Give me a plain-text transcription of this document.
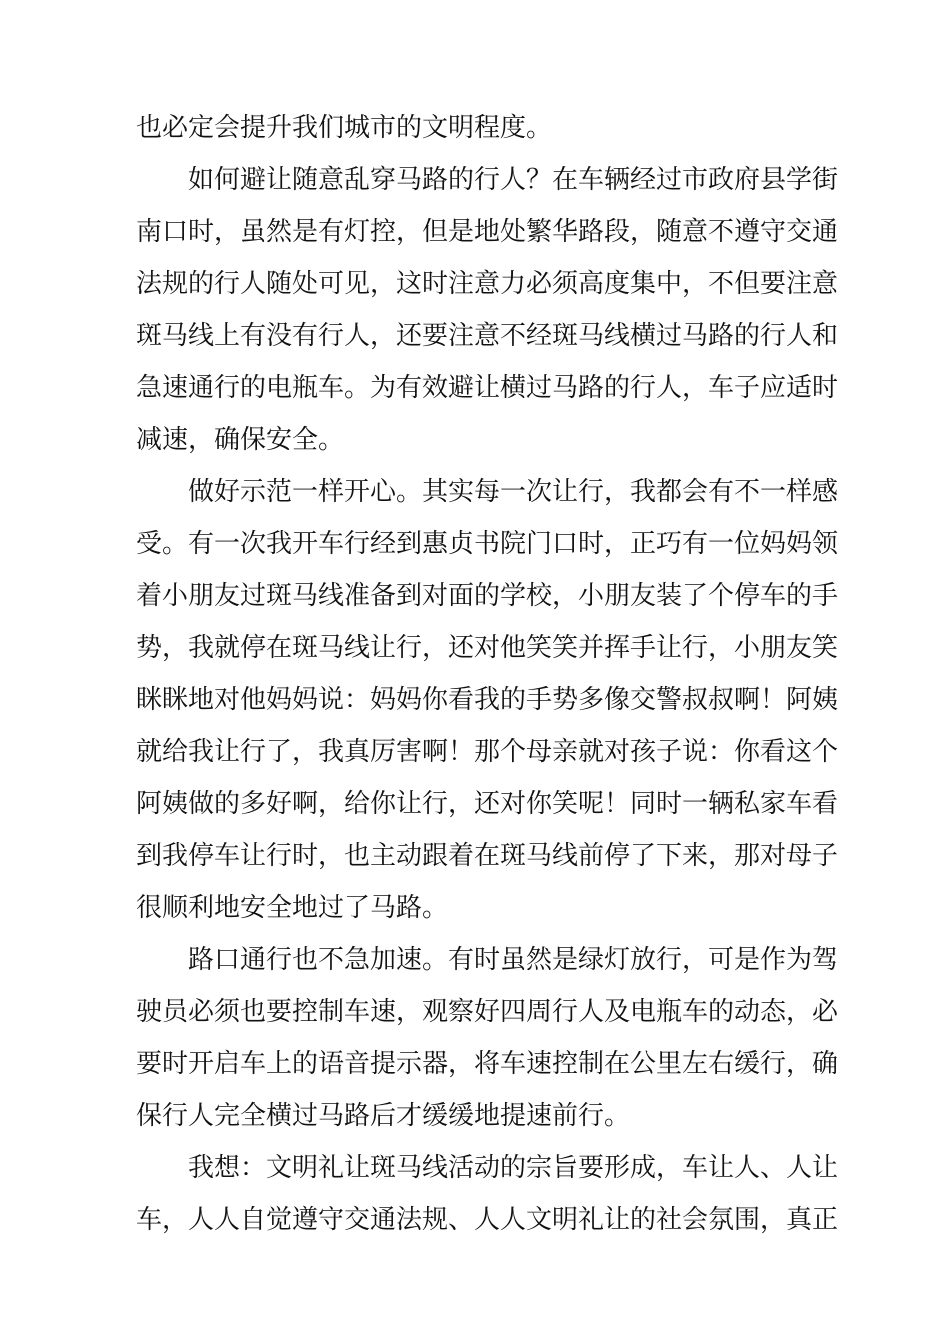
也必定会提升我们城市的文明程度。

如何避让随意乱穿马路的行人？在车辆经过市政府县学街

南口时，虽然是有灯控，但是地处繁华路段，随意不遵守交通

法规的行人随处可见，这时注意力必须高度集中，不但要注意

斑马线上有没有行人，还要注意不经斑马线横过马路的行人和

急速通行的电瓶车。为有效避让横过马路的行人，车子应适时

减速，确保安全。

做好示范一样开心。其实每一次让行，我都会有不一样感

受。有一次我开车行经到惠贞书院门口时，正巧有一位妈妈领

着小朋友过斑马线准备到对面的学校，小朋友装了个停车的手

势，我就停在斑马线让行，还对他笑笑并挥手让行，小朋友笑

眯眯地对他妈妈说：妈妈你看我的手势多像交警叔叔啊！阿姨

就给我让行了，我真厉害啊！那个母亲就对孩子说：你看这个

阿姨做的多好啊，给你让行，还对你笑呢！同时一辆私家车看

到我停车让行时，也主动跟着在斑马线前停了下来，那对母子

很顺利地安全地过了马路。

路口通行也不急加速。有时虽然是绿灯放行，可是作为驾

驶员必须也要控制车速，观察好四周行人及电瓶车的动态，必

要时开启车上的语音提示器，将车速控制在公里左右缓行，确

保行人完全横过马路后才缓缓地提速前行。

我想：文明礼让斑马线活动的宗旨要形成，车让人、人让

车，人人自觉遵守交通法规、人人文明礼让的社会氛围，真正
